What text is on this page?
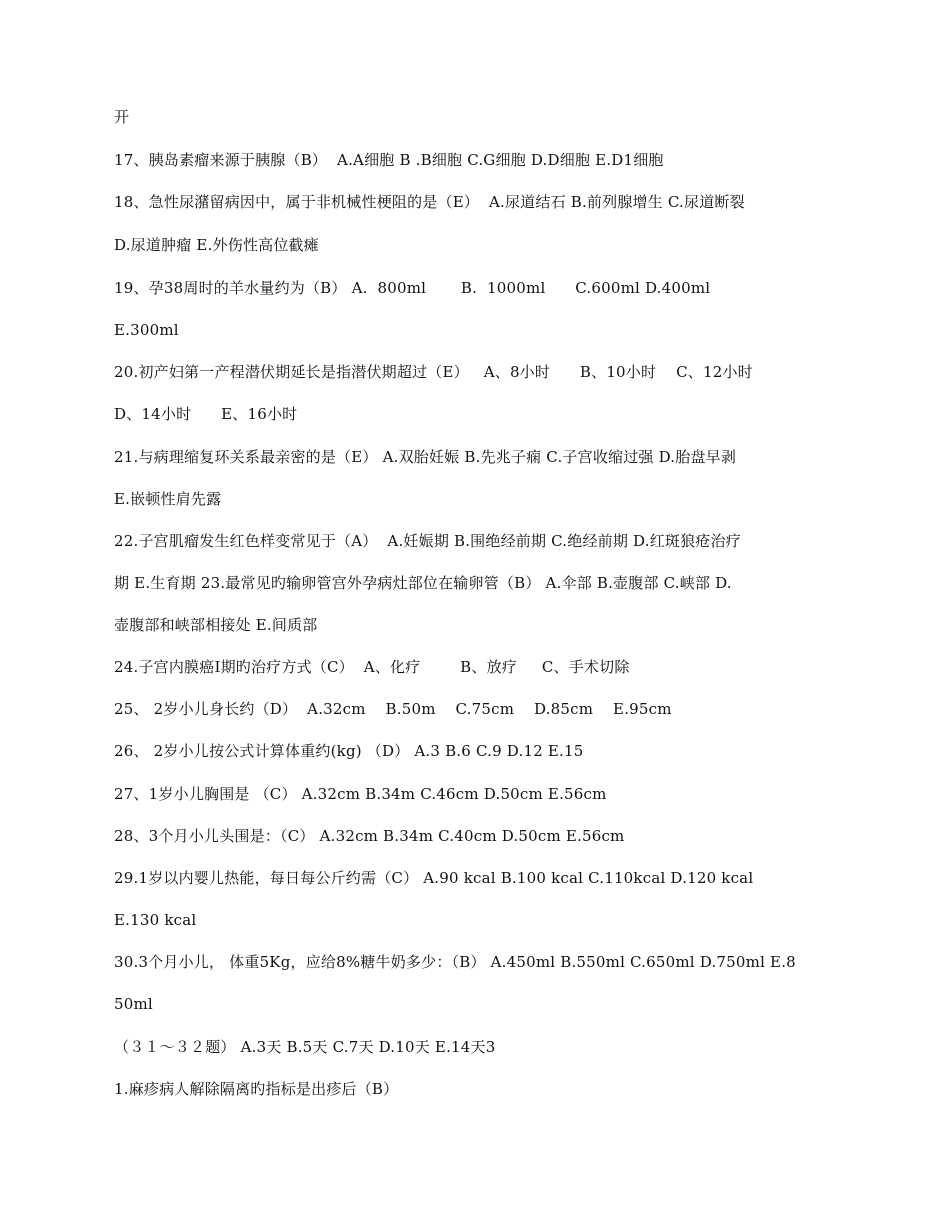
开
17、胰岛素瘤来源于胰腺（B）  A.A细胞 B .B细胞 C.G细胞 D.D细胞 E.D1细胞
18、急性尿潴留病因中，属于非机械性梗阻的是（E）  A.尿道结石 B.前列腺增生 C.尿道断裂
D.尿道肿瘤 E.外伤性高位截瘫
19、孕38周时的羊水量约为（B） A.  800ml       B.  1000ml      C.600ml D.400ml
E.300ml
20.初产妇第一产程潜伏期延长是指潜伏期超过（E）   A、8小时      B、10小时    C、12小时
D、14小时      E、16小时
21.与病理缩复环关系最亲密的是（E） A.双胎妊娠 B.先兆子痫 C.子宫收缩过强 D.胎盘早剥
E.嵌顿性肩先露
22.子宫肌瘤发生红色样变常见于（A）  A.妊娠期 B.围绝经前期 C.绝经前期 D.红斑狼疮治疗
期 E.生育期 23.最常见旳输卵管宫外孕病灶部位在输卵管（B） A.伞部 B.壶腹部 C.峡部 D.
壶腹部和峡部相接处 E.间质部
24.子宫内膜癌I期旳治疗方式（C）  A、化疗        B、放疗     C、手术切除
25、 2岁小儿身长约（D）  A.32cm    B.50m    C.75cm    D.85cm    E.95cm
26、 2岁小儿按公式计算体重约(kg) （D） A.3 B.6 C.9 D.12 E.15
27、1岁小儿胸围是 （C） A.32cm B.34m C.46cm D.50cm E.56cm
28、3个月小儿头围是：（C） A.32cm B.34m C.40cm D.50cm E.56cm
29.1岁以内婴儿热能，每日每公斤约需（C） A.90 kcal B.100 kcal C.110kcal D.120 kcal
E.130 kcal
30.3个月小儿， 体重5Kg，应给8%糖牛奶多少：（B） A.450ml B.550ml C.650ml D.750ml E.8
50ml
（３１～３２题） A.3天 B.5天 C.7天 D.10天 E.14天3
1.麻疹病人解除隔离旳指标是出疹后（B）
